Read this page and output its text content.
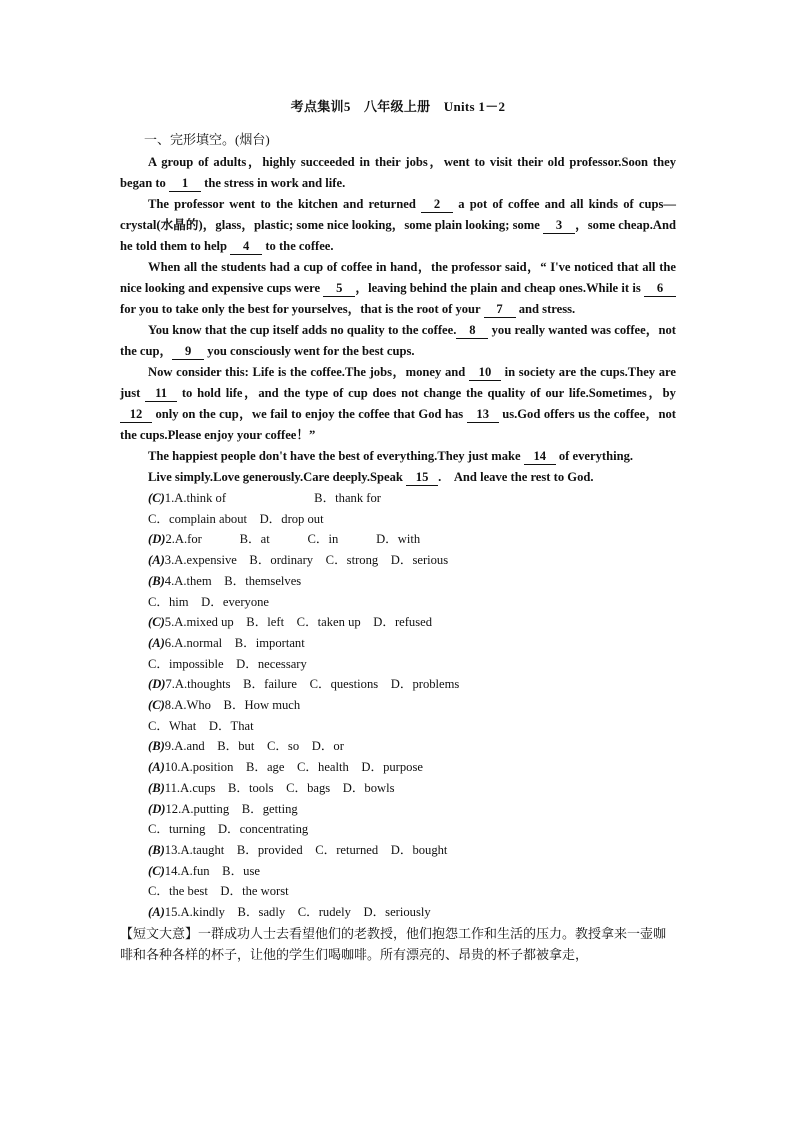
考点集训5　八年级上册　Units 1－2
一、完形填空。(烟台)

A group of adults，highly succeeded in their jobs，went to visit their old professor.Soon they began to 1 the stress in work and life.

The professor went to the kitchen and returned 2 a pot of coffee and all kinds of cups—crystal(水晶的)，glass，plastic; some nice looking，some plain looking; some 3 ，some cheap.And he told them to help 4 to the coffee.

When all the students had a cup of coffee in hand，the professor said，“ I've noticed that all the nice looking and expensive cups were 5 ，leaving behind the plain and cheap ones.While it is 6 for you to take only the best for yourselves，that is the root of your 7 and stress.

You know that the cup itself adds no quality to the coffee. 8 you really wanted was coffee，not the cup， 9 you consciously went for the best cups.

Now consider this: Life is the coffee.The jobs，money and 10 in society are the cups.They are just 11 to hold life，and the type of cup does not change the quality of our life.Sometimes，by 12 only on the cup，we fail to enjoy the coffee that God has 13 us.God offers us the coffee，not the cups.Please enjoy your coffee！”

The happiest people don't have the best of everything.They just make 14 of everything.

Live simply.Love generously.Care deeply.Speak 15 .　And leave the rest to God.

(C)1.A.think of　　　　　　　B．thank for
C．complain about　D．drop out
(D)2.A.for　　　B．at　　　C．in　　　D．with
(A)3.A.expensive　B．ordinary　C．strong　D．serious
(B)4.A.them　B．themselves
C．him　D．everyone
(C)5.A.mixed up　B．left　C．taken up　D．refused
(A)6.A.normal　B．important
C．impossible　D．necessary
(D)7.A.thoughts　B．failure　C．questions　D．problems
(C)8.A.Who　B．How much
C．What　D．That
(B)9.A.and　B．but　C．so　D．or
(A)10.A.position　B．age　C．health　D．purpose
(B)11.A.cups　B．tools　C．bags　D．bowls
(D)12.A.putting　B．getting
C．turning　D．concentrating
(B)13.A.taught　B．provided　C．returned　D．bought
(C)14.A.fun　B．use
C．the best　D．the worst
(A)15.A.kindly　B．sadly　C．rudely　D．seriously
【短文大意】一群成功人士去看望他们的老教授，他们抱怨工作和生活的压力。教授拿来一壶咖啡和各种各样的杯子，让他的学生们喝咖啡。所有漂亮的、昂贵的杯子都被拿走，
